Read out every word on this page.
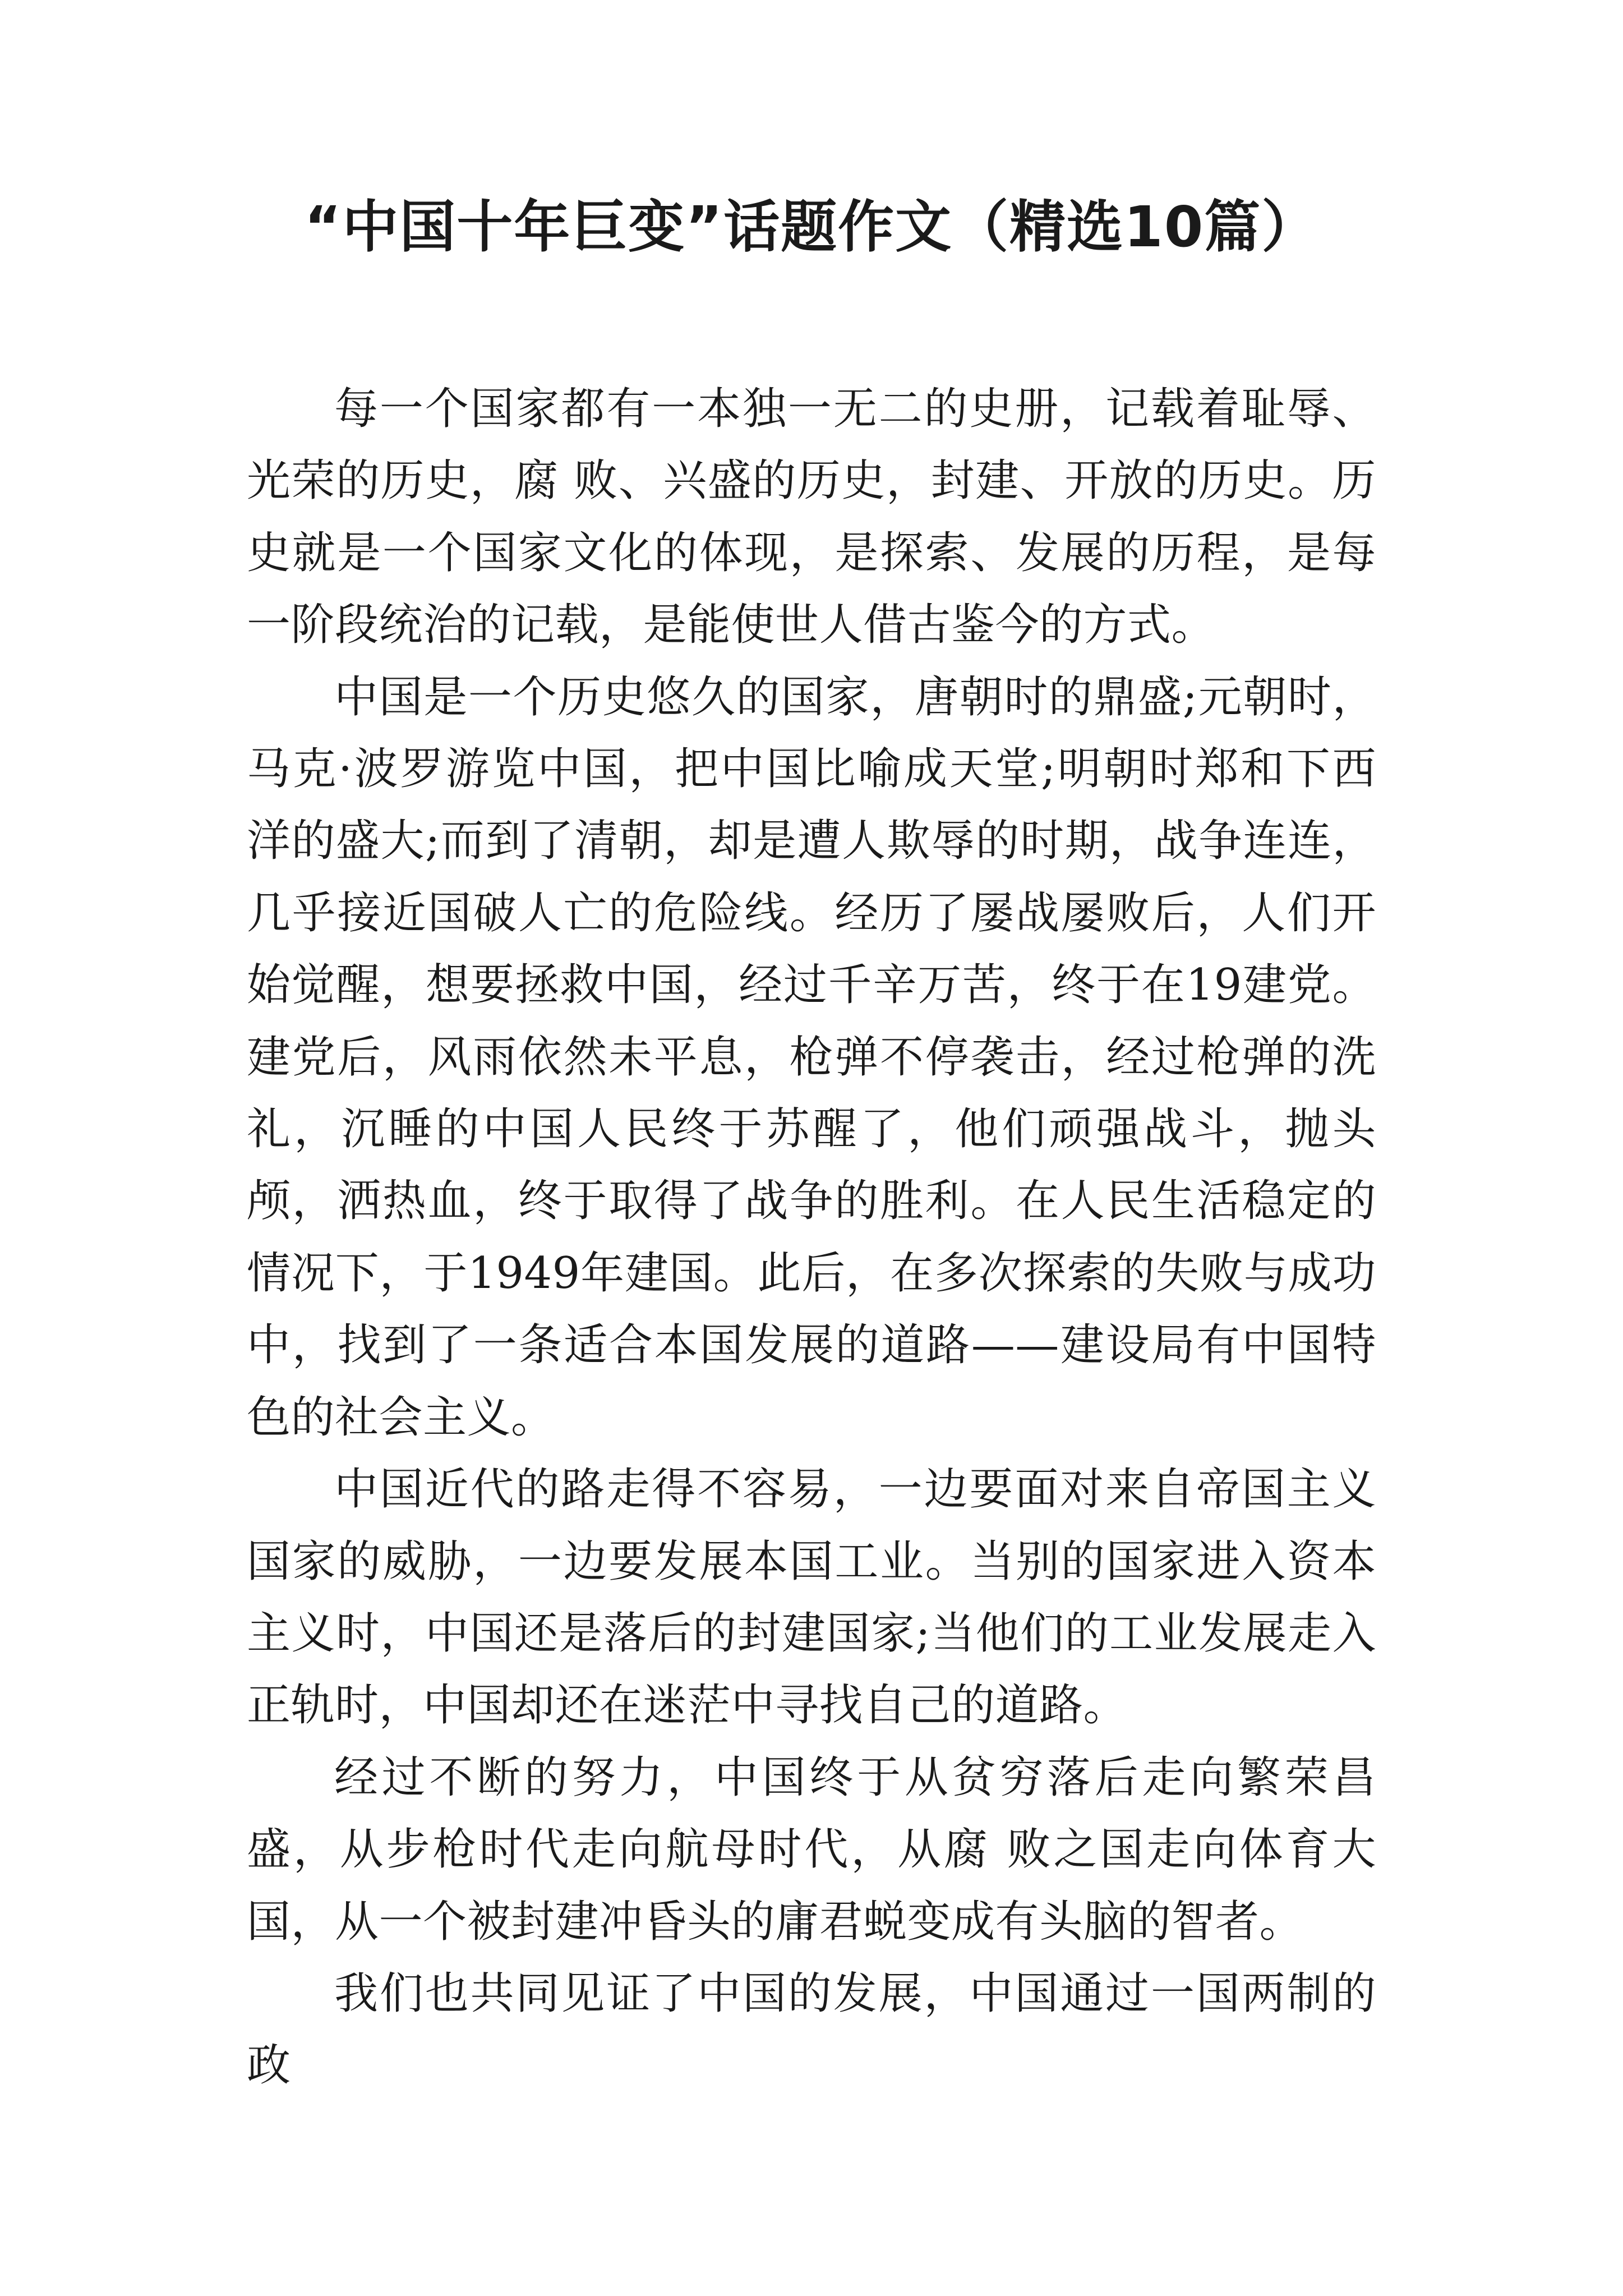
“中国十年巨变”话题作文（精选10篇）

每一个国家都有一本独一无二的史册，记载着耻辱、光荣的历史，腐 败、兴盛的历史，封建、开放的历史。历史就是一个国家文化的体现，是探索、发展的历程，是每一阶段统治的记载，是能使世人借古鉴今的方式。

中国是一个历史悠久的国家，唐朝时的鼎盛;元朝时，马克·波罗游览中国，把中国比喻成天堂;明朝时郑和下西洋的盛大;而到了清朝，却是遭人欺辱的时期，战争连连，几乎接近国破人亡的危险线。经历了屡战屡败后，人们开始觉醒，想要拯救中国，经过千辛万苦，终于在19建党。建党后，风雨依然未平息，枪弹不停袭击，经过枪弹的洗礼，沉睡的中国人民终于苏醒了，他们顽强战斗，抛头颅，洒热血，终于取得了战争的胜利。在人民生活稳定的情况下，于1949年建国。此后，在多次探索的失败与成功中，找到了一条适合本国发展的道路——建设局有中国特色的社会主义。

中国近代的路走得不容易，一边要面对来自帝国主义国家的威胁，一边要发展本国工业。当别的国家进入资本主义时，中国还是落后的封建国家;当他们的工业发展走入正轨时，中国却还在迷茫中寻找自己的道路。

经过不断的努力，中国终于从贫穷落后走向繁荣昌盛，从步枪时代走向航母时代，从腐 败之国走向体育大国，从一个被封建冲昏头的庸君蜕变成有头脑的智者。

我们也共同见证了中国的发展，中国通过一国两制的政
